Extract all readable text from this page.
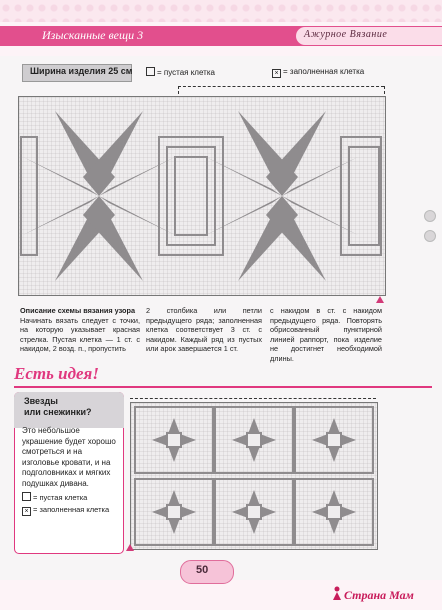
Изысканные вещи 3	Ажурное Вязание
Ширина изделия 25 см	= пустая клетка	× = заполненная клетка
Описание схемы вязания узора
Начинать вязать следует с точки, на которую указывает красная стрелка. Пустая клетка — 1 ст. с накидом, 2 возд. п., пропустить
2 столбика или петли предыдущего ряда; заполненная клетка соответствует 3 ст. с накидом. Каждый ряд из пустых или арок завершается 1 ст.
с накидом в ст. с накидом предыдущего ряда. Повторять обрисованный пунктирной линией раппорт, пока изделие не достигнет необходимой длины.
Есть идея!
Звезды
или снежинки?
Это небольшое украшение будет хорошо смотреться и на изголовье кровати, и на подголовниках и мягких подушках дивана.
= пустая клетка
× = заполненная клетка
50
Страна Мам
